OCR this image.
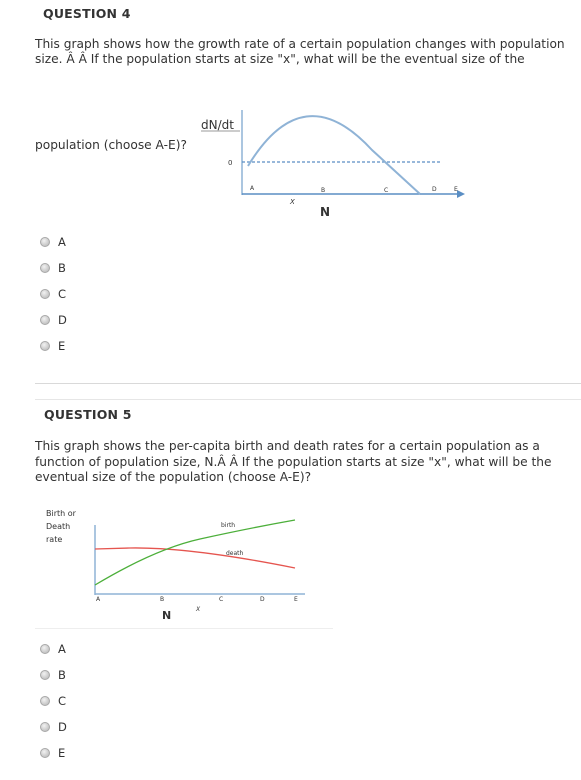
QUESTION 4
This graph shows how the growth rate of a certain population changes with population
size. Â Â If the population starts at size "x", what will be the eventual size of the
population (choose A-E)?
dN/dt
0
A	B	C	D	E
X
N
A
B
C
D
E
QUESTION 5
This graph shows the per-capita birth and death rates for a certain population as a
function of population size, N.Â Â If the population starts at size "x", what will be the
eventual size of the population (choose A-E)?
Birth or
Death
rate
birth
death
A	B	C	D	E
X
N
A
B
C
D
E
